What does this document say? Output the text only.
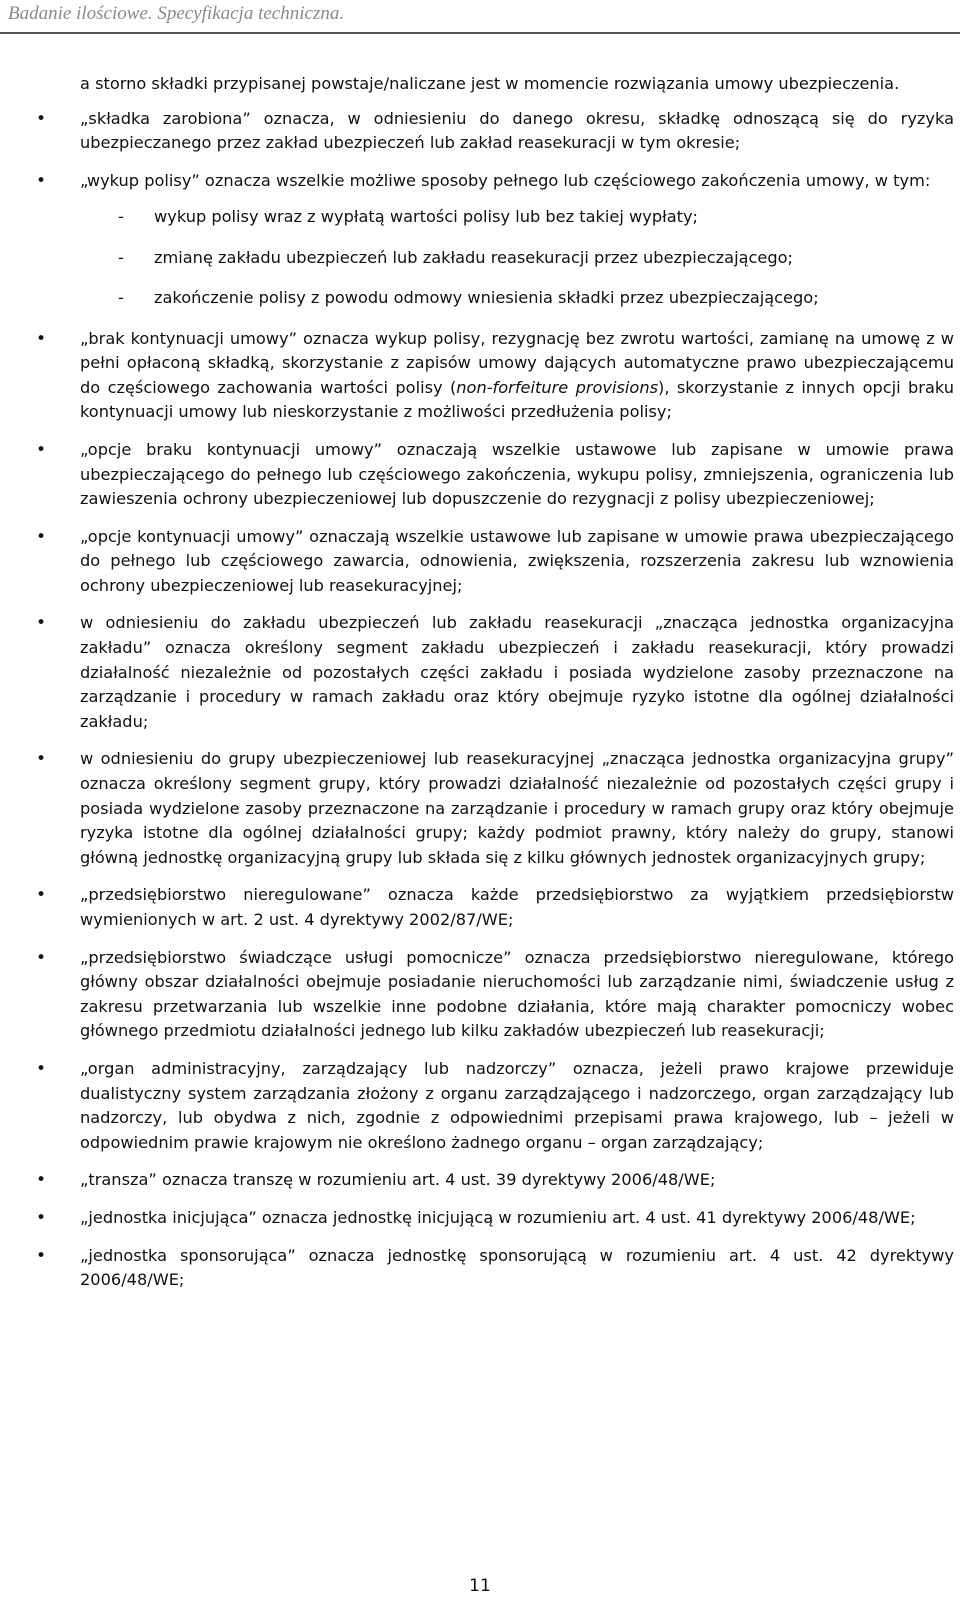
Badanie ilościowe. Specyfikacja techniczna.
a storno składki przypisanej powstaje/naliczane jest w momencie rozwiązania umowy ubezpieczenia.
• „składka zarobiona” oznacza, w odniesieniu do danego okresu, składkę odnoszącą się do ryzyka ubezpieczanego przez zakład ubezpieczeń lub zakład reasekuracji w tym okresie;
• „wykup polisy” oznacza wszelkie możliwe sposoby pełnego lub częściowego zakończenia umowy, w tym:
- wykup polisy wraz z wypłatą wartości polisy lub bez takiej wypłaty;
- zmianę zakładu ubezpieczeń lub zakładu reasekuracji przez ubezpieczającego;
- zakończenie polisy z powodu odmowy wniesienia składki przez ubezpieczającego;
• „brak kontynuacji umowy” oznacza wykup polisy, rezygnację bez zwrotu wartości, zamianę na umowę z w pełni opłaconą składką, skorzystanie z zapisów umowy dających automatyczne prawo ubezpieczającemu do częściowego zachowania wartości polisy (non-forfeiture provisions), skorzystanie z innych opcji braku kontynuacji umowy lub nieskorzystanie z możliwości przedłużenia polisy;
• „opcje braku kontynuacji umowy” oznaczają wszelkie ustawowe lub zapisane w umowie prawa ubezpieczającego do pełnego lub częściowego zakończenia, wykupu polisy, zmniejszenia, ograniczenia lub zawieszenia ochrony ubezpieczeniowej lub dopuszczenie do rezygnacji z polisy ubezpieczeniowej;
• „opcje kontynuacji umowy” oznaczają wszelkie ustawowe lub zapisane w umowie prawa ubezpieczającego do pełnego lub częściowego zawarcia, odnowienia, zwiększenia, rozszerzenia zakresu lub wznowienia ochrony ubezpieczeniowej lub reasekuracyjnej;
• w odniesieniu do zakładu ubezpieczeń lub zakładu reasekuracji „znacząca jednostka organizacyjna zakładu” oznacza określony segment zakładu ubezpieczeń i zakładu reasekuracji, który prowadzi działalność niezależnie od pozostałych części zakładu i posiada wydzielone zasoby przeznaczone na zarządzanie i procedury w ramach zakładu oraz który obejmuje ryzyko istotne dla ogólnej działalności zakładu;
• w odniesieniu do grupy ubezpieczeniowej lub reasekuracyjnej „znacząca jednostka organizacyjna grupy” oznacza określony segment grupy, który prowadzi działalność niezależnie od pozostałych części grupy i posiada wydzielone zasoby przeznaczone na zarządzanie i procedury w ramach grupy oraz który obejmuje ryzyka istotne dla ogólnej działalności grupy; każdy podmiot prawny, który należy do grupy, stanowi główną jednostkę organizacyjną grupy lub składa się z kilku głównych jednostek organizacyjnych grupy;
• „przedsiębiorstwo nieregulowane” oznacza każde przedsiębiorstwo za wyjątkiem przedsiębiorstw wymienionych w art. 2 ust. 4 dyrektywy 2002/87/WE;
• „przedsiębiorstwo świadczące usługi pomocnicze” oznacza przedsiębiorstwo nieregulowane, którego główny obszar działalności obejmuje posiadanie nieruchomości lub zarządzanie nimi, świadczenie usług z zakresu przetwarzania lub wszelkie inne podobne działania, które mają charakter pomocniczy wobec głównego przedmiotu działalności jednego lub kilku zakładów ubezpieczeń lub reasekuracji;
• „organ administracyjny, zarządzający lub nadzorczy” oznacza, jeżeli prawo krajowe przewiduje dualistyczny system zarządzania złożony z organu zarządzającego i nadzorczego, organ zarządzający lub nadzorczy, lub obydwa z nich, zgodnie z odpowiednimi przepisami prawa krajowego, lub – jeżeli w odpowiednim prawie krajowym nie określono żadnego organu – organ zarządzający;
• „transza” oznacza transzę w rozumieniu art. 4 ust. 39 dyrektywy 2006/48/WE;
• „jednostka inicjująca” oznacza jednostkę inicjującą w rozumieniu art. 4 ust. 41 dyrektywy 2006/48/WE;
• „jednostka sponsorująca” oznacza jednostkę sponsorującą w rozumieniu art. 4 ust. 42 dyrektywy 2006/48/WE;
11
